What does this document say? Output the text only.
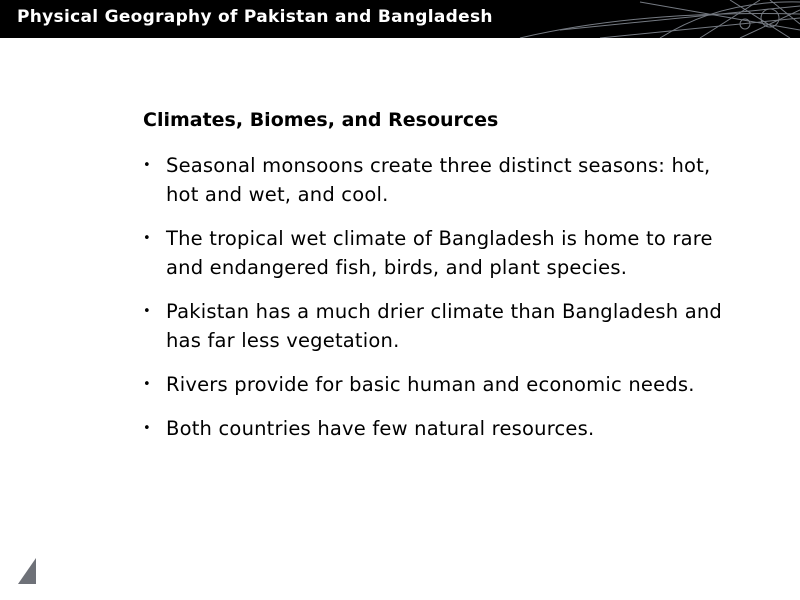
Physical Geography of Pakistan and Bangladesh
Climates, Biomes, and Resources
• Seasonal monsoons create three distinct seasons: hot, hot and wet, and cool.
• The tropical wet climate of Bangladesh is home to rare and endangered fish, birds, and plant species.
• Pakistan has a much drier climate than Bangladesh and has far less vegetation.
• Rivers provide for basic human and economic needs.
• Both countries have few natural resources.
